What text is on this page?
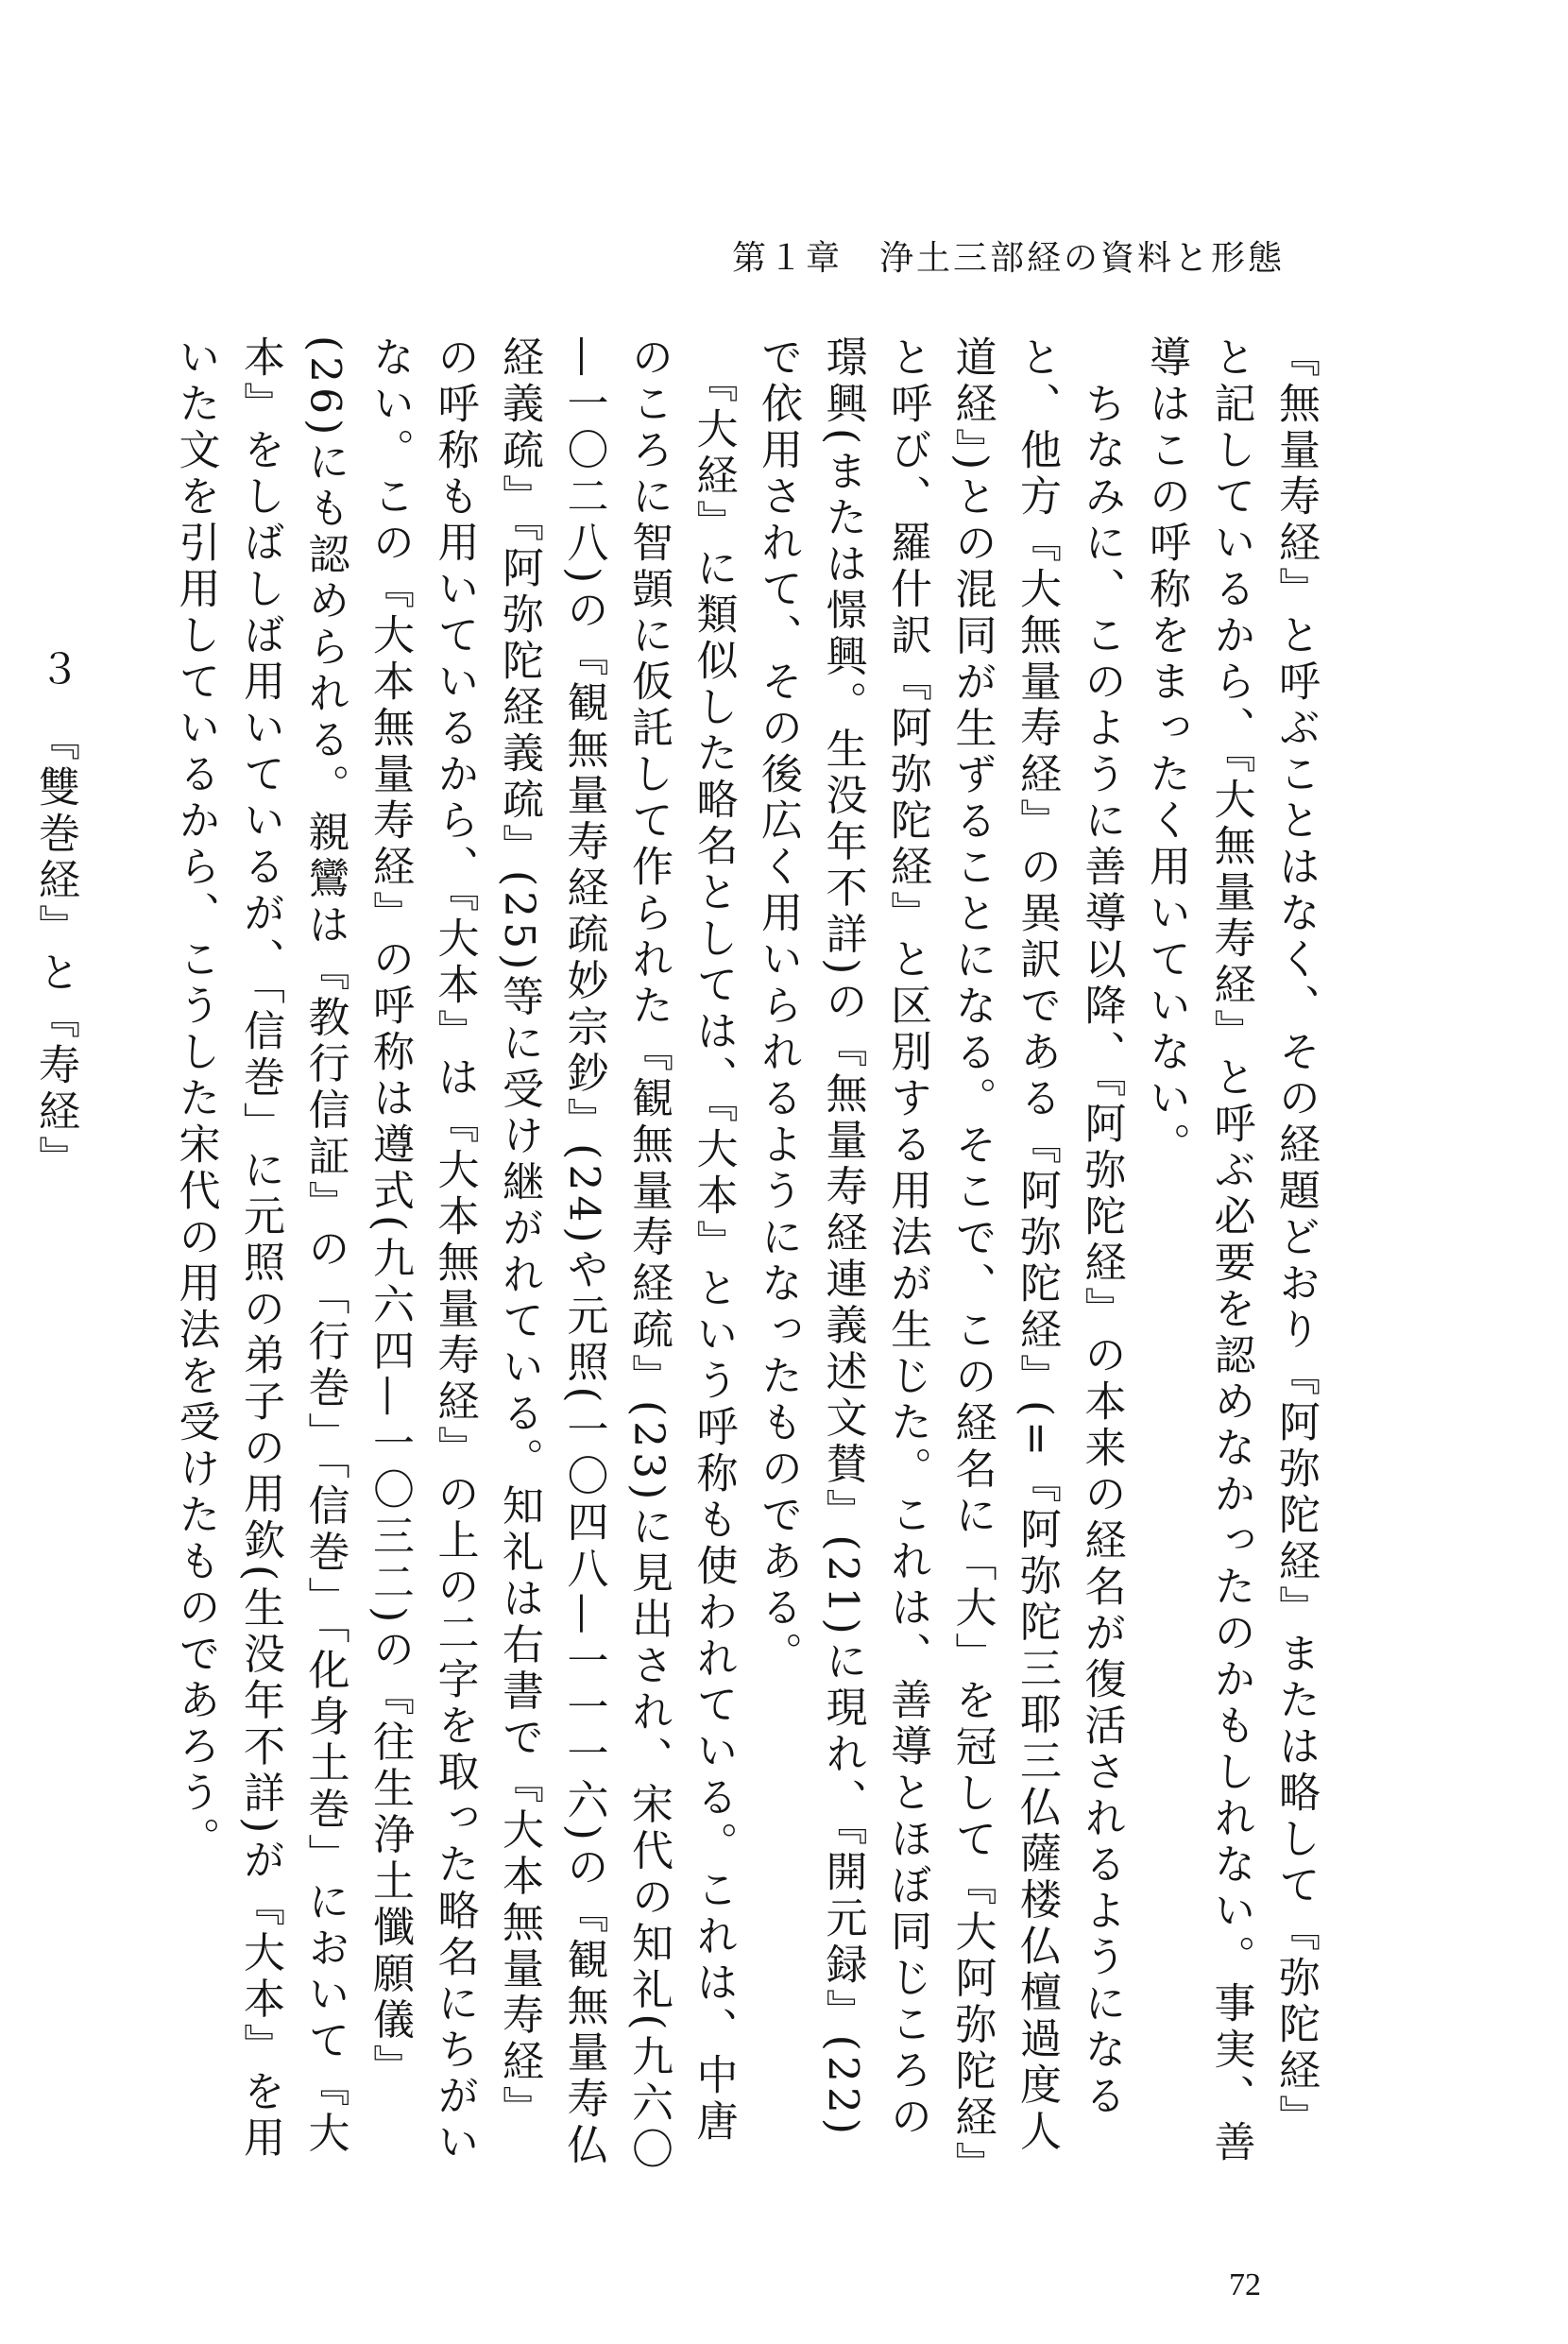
第１章　浄土三部経の資料と形態

『無量寿経』と呼ぶことはなく、その経題どおり『阿弥陀経』または略して『弥陀経』と記しているから、『大無量寿経』と呼ぶ必要を認めなかったのかもしれない。事実、善導はこの呼称をまったく用いていない。

　ちなみに、このように善導以降、『阿弥陀経』の本来の経名が復活されるようになると、他方『大無量寿経』の異訳である『阿弥陀経』(=『阿弥陀三耶三仏薩楼仏檀過度人道経』)との混同が生ずることになる。そこで、この経名に「大」を冠して『大阿弥陀経』と呼び、羅什訳『阿弥陀経』と区別する用法が生じた。これは、善導とほぼ同じころの璟興(または憬興。生没年不詳)の『無量寿経連義述文賛』(21)に現れ、『開元録』(22)で依用されて、その後広く用いられるようになったものである。

　『大経』に類似した略名としては、『大本』という呼称も使われている。これは、中唐のころに智顗に仮託して作られた『観無量寿経疏』(23)に見出され、宋代の知礼(九六〇—一〇二八)の『観無量寿経疏妙宗鈔』(24)や元照(一〇四八—一一一六)の『観無量寿仏経義疏』『阿弥陀経義疏』(25)等に受け継がれている。知礼は右書で『大本無量寿経』の呼称も用いているから、『大本』は『大本無量寿経』の上の二字を取った略名にちがいない。この『大本無量寿経』の呼称は遵式(九六四—一〇三二)の『往生浄土懺願儀』(26)にも認められる。親鸞は『教行信証』の「行巻」「信巻」「化身土巻」において『大本』をしばしば用いているが、「信巻」に元照の弟子の用欽(生没年不詳)が『大本』を用いた文を引用しているから、こうした宋代の用法を受けたものであろう。

３　『雙巻経』と『寿経』

72
